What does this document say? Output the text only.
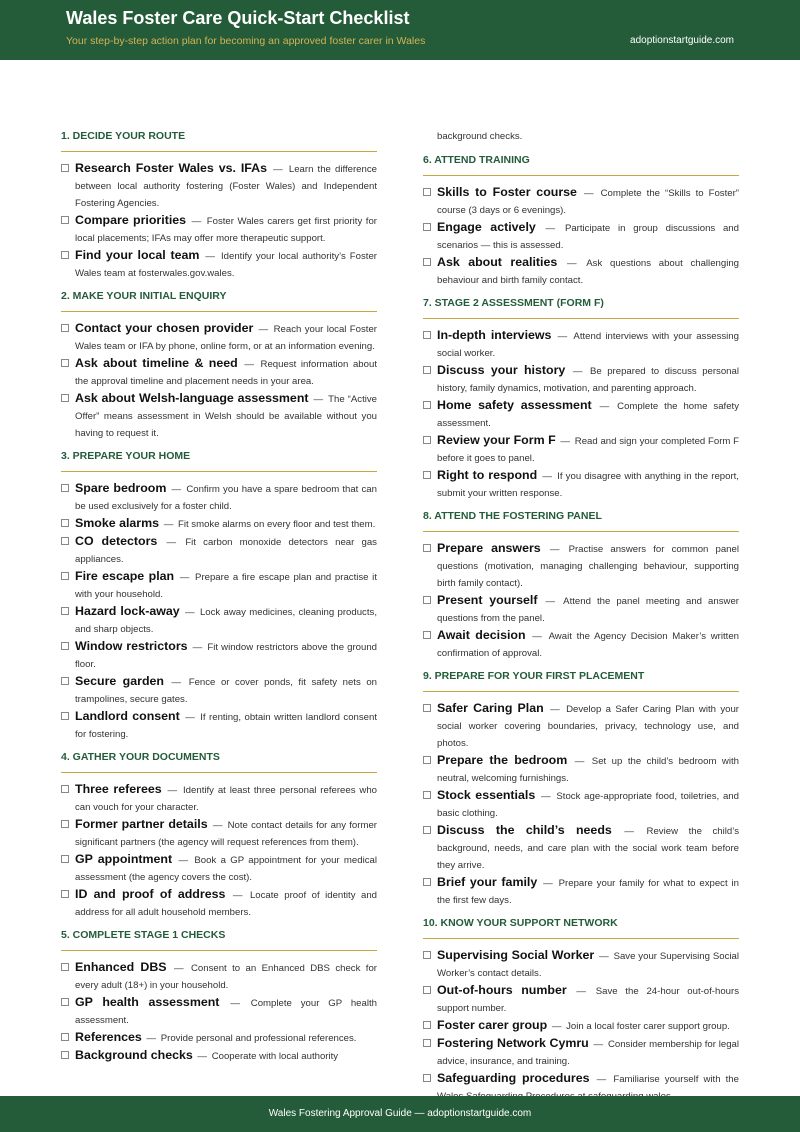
Wales Foster Care Quick-Start Checklist
Your step-by-step action plan for becoming an approved foster carer in Wales	adoptionstartguide.com
1. DECIDE YOUR ROUTE
Research Foster Wales vs. IFAs — Learn the difference between local authority fostering (Foster Wales) and Independent Fostering Agencies.
Compare priorities — Foster Wales carers get first priority for local placements; IFAs may offer more therapeutic support.
Find your local team — Identify your local authority’s Foster Wales team at fosterwales.gov.wales.
2. MAKE YOUR INITIAL ENQUIRY
Contact your chosen provider — Reach your local Foster Wales team or IFA by phone, online form, or at an information evening.
Ask about timeline & need — Request information about the approval timeline and placement needs in your area.
Ask about Welsh-language assessment — The “Active Offer” means assessment in Welsh should be available without you having to request it.
3. PREPARE YOUR HOME
Spare bedroom — Confirm you have a spare bedroom that can be used exclusively for a foster child.
Smoke alarms — Fit smoke alarms on every floor and test them.
CO detectors — Fit carbon monoxide detectors near gas appliances.
Fire escape plan — Prepare a fire escape plan and practise it with your household.
Hazard lock-away — Lock away medicines, cleaning products, and sharp objects.
Window restrictors — Fit window restrictors above the ground floor.
Secure garden — Fence or cover ponds, fit safety nets on trampolines, secure gates.
Landlord consent — If renting, obtain written landlord consent for fostering.
4. GATHER YOUR DOCUMENTS
Three referees — Identify at least three personal referees who can vouch for your character.
Former partner details — Note contact details for any former significant partners (the agency will request references from them).
GP appointment — Book a GP appointment for your medical assessment (the agency covers the cost).
ID and proof of address — Locate proof of identity and address for all adult household members.
5. COMPLETE STAGE 1 CHECKS
Enhanced DBS — Consent to an Enhanced DBS check for every adult (18+) in your household.
GP health assessment — Complete your GP health assessment.
References — Provide personal and professional references.
Background checks — Cooperate with local authority
background checks.
6. ATTEND TRAINING
Skills to Foster course — Complete the “Skills to Foster” course (3 days or 6 evenings).
Engage actively — Participate in group discussions and scenarios — this is assessed.
Ask about realities — Ask questions about challenging behaviour and birth family contact.
7. STAGE 2 ASSESSMENT (FORM F)
In-depth interviews — Attend interviews with your assessing social worker.
Discuss your history — Be prepared to discuss personal history, family dynamics, motivation, and parenting approach.
Home safety assessment — Complete the home safety assessment.
Review your Form F — Read and sign your completed Form F before it goes to panel.
Right to respond — If you disagree with anything in the report, submit your written response.
8. ATTEND THE FOSTERING PANEL
Prepare answers — Practise answers for common panel questions (motivation, managing challenging behaviour, supporting birth family contact).
Present yourself — Attend the panel meeting and answer questions from the panel.
Await decision — Await the Agency Decision Maker’s written confirmation of approval.
9. PREPARE FOR YOUR FIRST PLACEMENT
Safer Caring Plan — Develop a Safer Caring Plan with your social worker covering boundaries, privacy, technology use, and photos.
Prepare the bedroom — Set up the child’s bedroom with neutral, welcoming furnishings.
Stock essentials — Stock age-appropriate food, toiletries, and basic clothing.
Discuss the child’s needs — Review the child’s background, needs, and care plan with the social work team before they arrive.
Brief your family — Prepare your family for what to expect in the first few days.
10. KNOW YOUR SUPPORT NETWORK
Supervising Social Worker — Save your Supervising Social Worker’s contact details.
Out-of-hours number — Save the 24-hour out-of-hours support number.
Foster carer group — Join a local foster carer support group.
Fostering Network Cymru — Consider membership for legal advice, insurance, and training.
Safeguarding procedures — Familiarise yourself with the
Wales Fostering Approval Guide — adoptionstartguide.com
